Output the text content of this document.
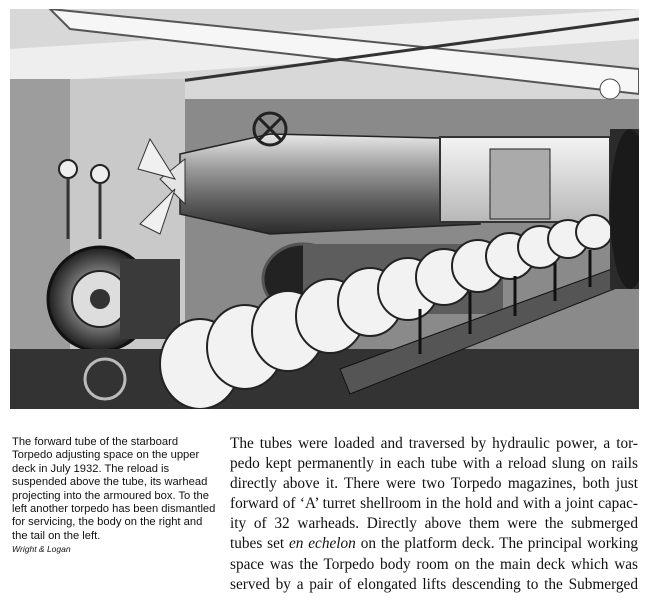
The forward tube of the starboard Torpedo adjusting space on the upper deck in July 1932. The reload is suspended above the tube, its warhead projecting into the armoured box. To the left another torpedo has been dismantled for servicing, the body on the right and the tail on the left.
Wright & Logan
The tubes were loaded and traversed by hydraulic power, a tor-
pedo kept permanently in each tube with a reload slung on rails
directly above it. There were two Torpedo magazines, both just
forward of ‘A’ turret shellroom in the hold and with a joint capac-
ity of 32 warheads. Directly above them were the submerged
tubes set en echelon on the platform deck. The principal working
space was the Torpedo body room on the main deck which was
served by a pair of elongated lifts descending to the Submerged
